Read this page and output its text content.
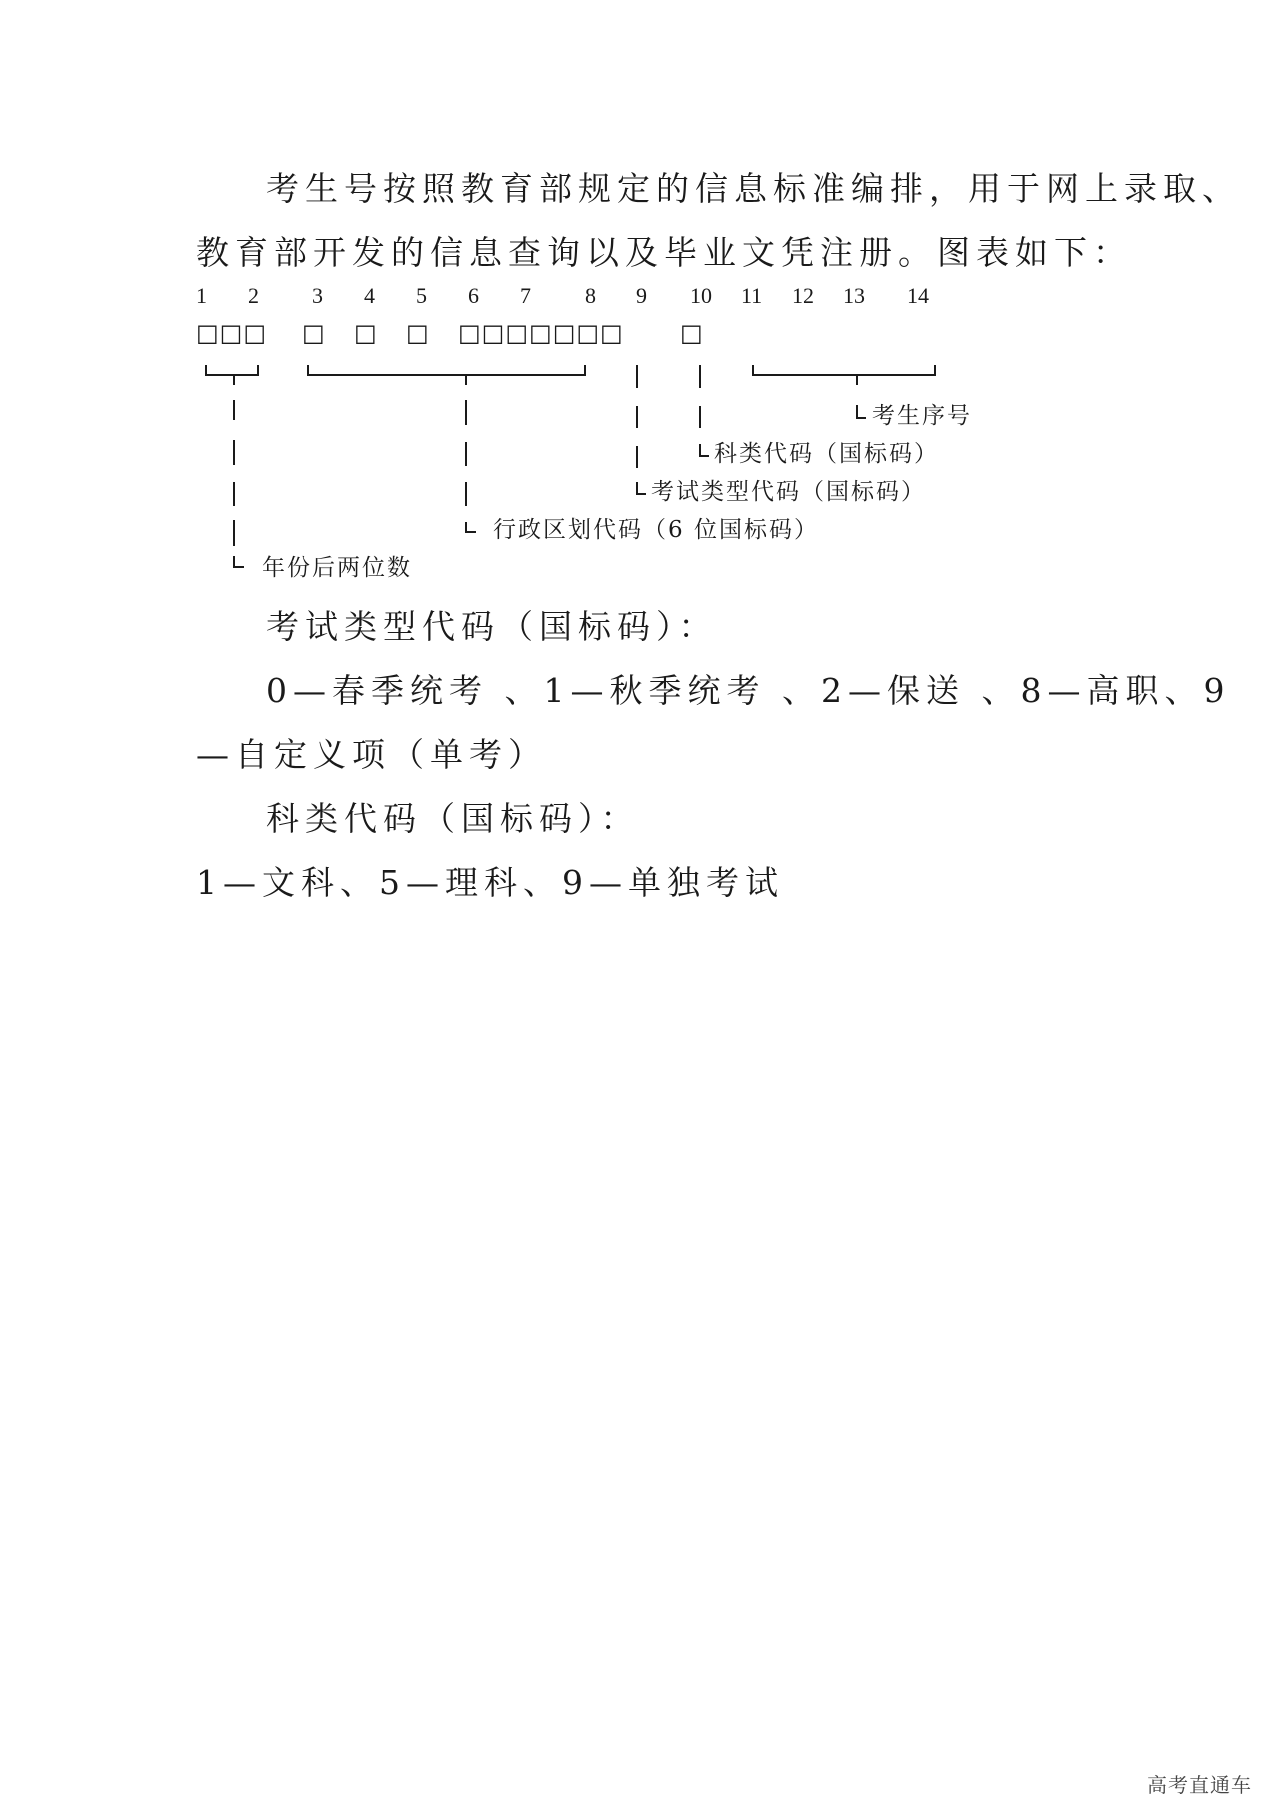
考生号按照教育部规定的信息标准编排，用于网上录取、
教育部开发的信息查询以及毕业文凭注册。图表如下：
1 2 3 4 5 6 7 8 9 10 11 12 13 14
□□□ □ □ □ □□□□□□□ □
考生序号
科类代码（国标码）
考试类型代码（国标码）
行政区划代码（6 位国标码）
年份后两位数
考试类型代码（国标码）：
0—春季统考 、1—秋季统考 、2—保送 、8—高职、9
—自定义项（单考）
科类代码（国标码）：
1—文科、5—理科、9—单独考试
高考直通车
